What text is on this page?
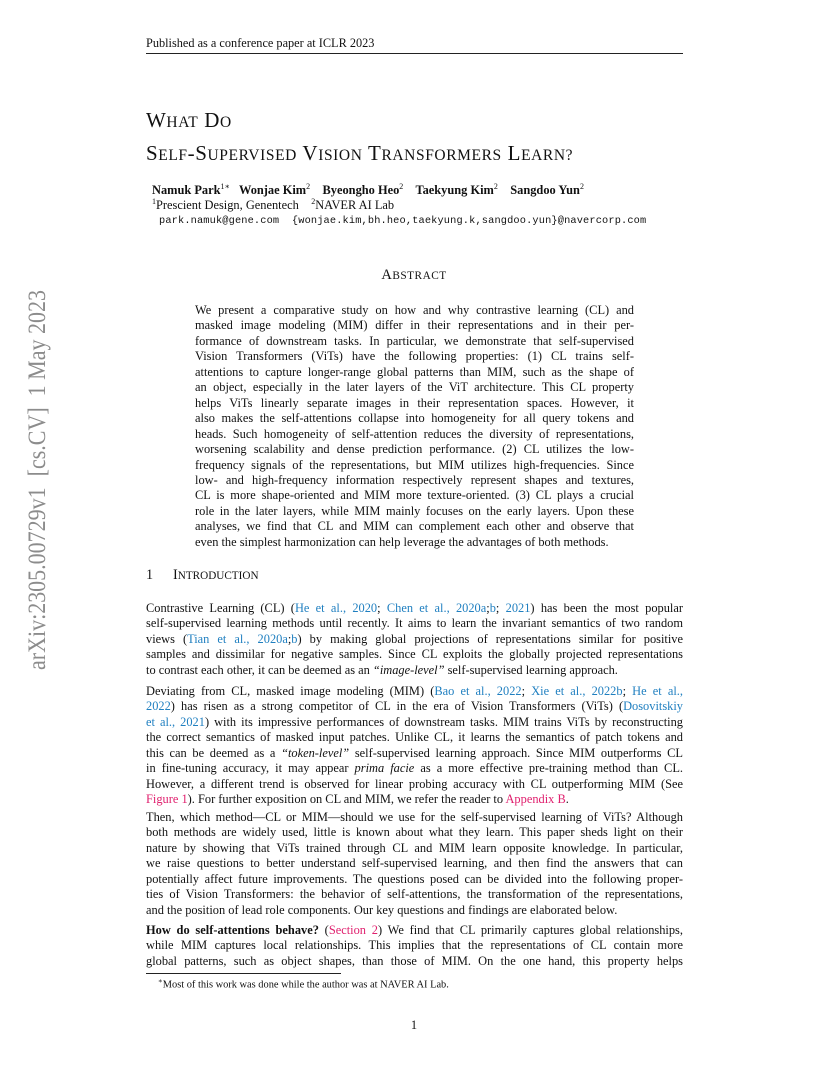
Published as a conference paper at ICLR 2023
arXiv:2305.00729v1  [cs.CV]  1 May 2023
WHAT DO
SELF-SUPERVISED VISION TRANSFORMERS LEARN?
Namuk Park$^{1∗}$ Wonjae Kim$^2$ Byeongho Heo$^2$ Taekyung Kim$^2$ Sangdoo Yun$^2$
$^1$Prescient Design, Genentech $^2$NAVER AI Lab
park.namuk@gene.com  {wonjae.kim,bh.heo,taekyung.k,sangdoo.yun}@navercorp.com
ABSTRACT
We present a comparative study on how and why contrastive learning (CL) and
masked image modeling (MIM) differ in their representations and in their per-
formance of downstream tasks. In particular, we demonstrate that self-supervised
Vision Transformers (ViTs) have the following properties: (1) CL trains self-
attentions to capture longer-range global patterns than MIM, such as the shape of
an object, especially in the later layers of the ViT architecture. This CL property
helps ViTs linearly separate images in their representation spaces. However, it
also makes the self-attentions collapse into homogeneity for all query tokens and
heads. Such homogeneity of self-attention reduces the diversity of representations,
worsening scalability and dense prediction performance. (2) CL utilizes the low-
frequency signals of the representations, but MIM utilizes high-frequencies. Since
low- and high-frequency information respectively represent shapes and textures,
CL is more shape-oriented and MIM more texture-oriented. (3) CL plays a crucial
role in the later layers, while MIM mainly focuses on the early layers. Upon these
analyses, we find that CL and MIM can complement each other and observe that
even the simplest harmonization can help leverage the advantages of both methods.
1 INTRODUCTION
Contrastive Learning (CL) (He et al., 2020; Chen et al., 2020a;b; 2021) has been the most popular
self-supervised learning methods until recently. It aims to learn the invariant semantics of two random
views (Tian et al., 2020a;b) by making global projections of representations similar for positive
samples and dissimilar for negative samples. Since CL exploits the globally projected representations
to contrast each other, it can be deemed as an “image-level” self-supervised learning approach.
Deviating from CL, masked image modeling (MIM) (Bao et al., 2022; Xie et al., 2022b; He et al.,
2022) has risen as a strong competitor of CL in the era of Vision Transformers (ViTs) (Dosovitskiy
et al., 2021) with its impressive performances of downstream tasks. MIM trains ViTs by reconstructing
the correct semantics of masked input patches. Unlike CL, it learns the semantics of patch tokens and
this can be deemed as a “token-level” self-supervised learning approach. Since MIM outperforms CL
in fine-tuning accuracy, it may appear prima facie as a more effective pre-training method than CL.
However, a different trend is observed for linear probing accuracy with CL outperforming MIM (See
Figure 1). For further exposition on CL and MIM, we refer the reader to Appendix B.
Then, which method—CL or MIM—should we use for the self-supervised learning of ViTs? Although
both methods are widely used, little is known about what they learn. This paper sheds light on their
nature by showing that ViTs trained through CL and MIM learn opposite knowledge. In particular,
we raise questions to better understand self-supervised learning, and then find the answers that can
potentially affect future improvements. The questions posed can be divided into the following proper-
ties of Vision Transformers: the behavior of self-attentions, the transformation of the representations,
and the position of lead role components. Our key questions and findings are elaborated below.
How do self-attentions behave? (Section 2) We find that CL primarily captures global relationships,
while MIM captures local relationships. This implies that the representations of CL contain more
global patterns, such as object shapes, than those of MIM. On the one hand, this property helps
∗Most of this work was done while the author was at NAVER AI Lab.
1
